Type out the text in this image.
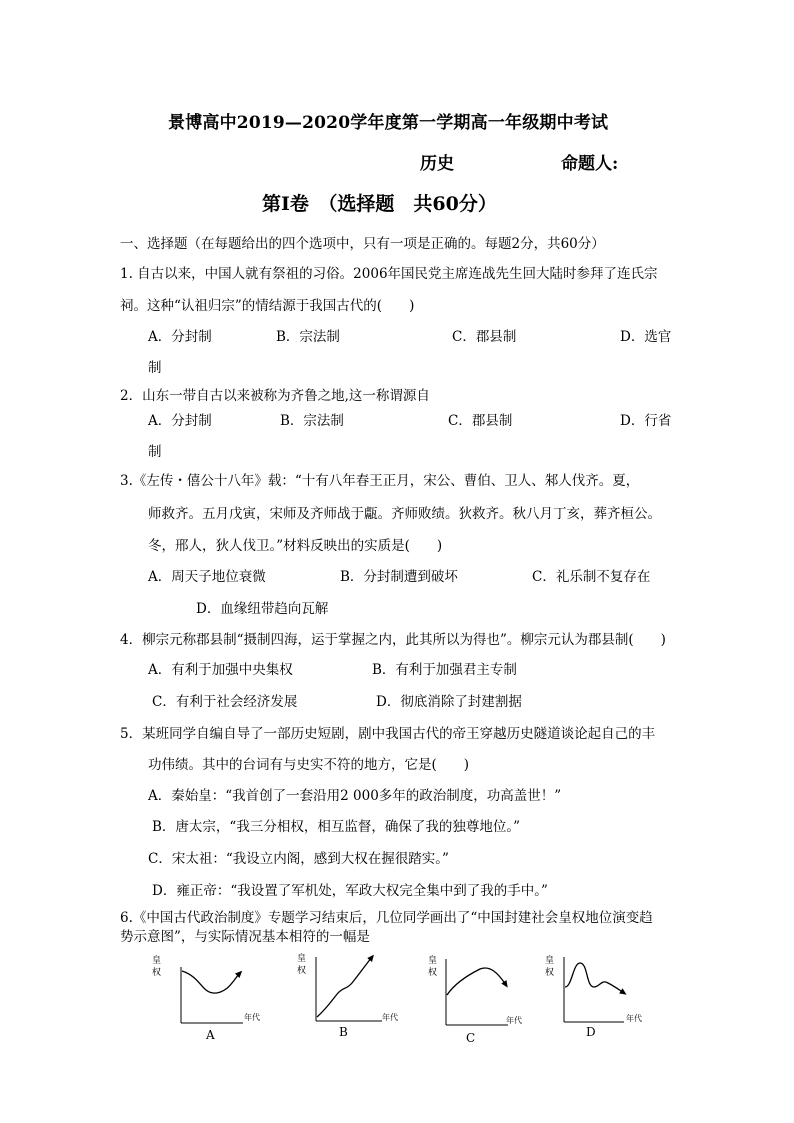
景博高中2019—2020学年度第一学期高一年级期中考试
历史	命题人:
第Ⅰ卷　（选择题　共60分）
一、选择题（在每题给出的四个选项中，只有一项是正确的。每题2分，共60分）
1. 自古以来，中国人就有祭祖的习俗。2006年国民党主席连战先生回大陆时参拜了连氏宗
祠。这种“认祖归宗”的情结源于我国古代的(　　)
A．分封制	B．宗法制	C．郡县制	D．选官
制
2．山东一带自古以来被称为齐鲁之地,这一称谓源自
A．分封制	B．宗法制	C．郡县制	D．行省
制
3.《左传・僖公十八年》载：“十有八年春王正月，宋公、曹伯、卫人、邾人伐齐。夏，
师救齐。五月戊寅，宋师及齐师战于甗。齐师败绩。狄救齐。秋八月丁亥，葬齐桓公。
冬，邢人，狄人伐卫。”材料反映出的实质是(　　)
A．周天子地位衰微	B．分封制遭到破坏	C．礼乐制不复存在
D．血缘纽带趋向瓦解
4．柳宗元称郡县制“摄制四海，运于掌握之内，此其所以为得也”。柳宗元认为郡县制(　　)
A．有利于加强中央集权	B．有利于加强君主专制
C．有利于社会经济发展	D．彻底消除了封建割据
5．某班同学自编自导了一部历史短剧，剧中我国古代的帝王穿越历史隧道谈论起自己的丰
功伟绩。其中的台词有与史实不符的地方，它是(　　)
A．秦始皇：“我首创了一套沿用2 000多年的政治制度，功高盖世！”
B．唐太宗，“我三分相权，相互监督，确保了我的独尊地位。”
C．宋太祖：“我设立内阁，感到大权在握很踏实。”
D．雍正帝：“我设置了军机处，军政大权完全集中到了我的手中。”
6.《中国古代政治制度》专题学习结束后，几位同学画出了“中国封建社会皇权地位演变趋
势示意图”，与实际情况基本相符的一幅是
皇
权
年代
A
皇
权
年代
B
皇
权
年代
C
皇
权
年代
D
